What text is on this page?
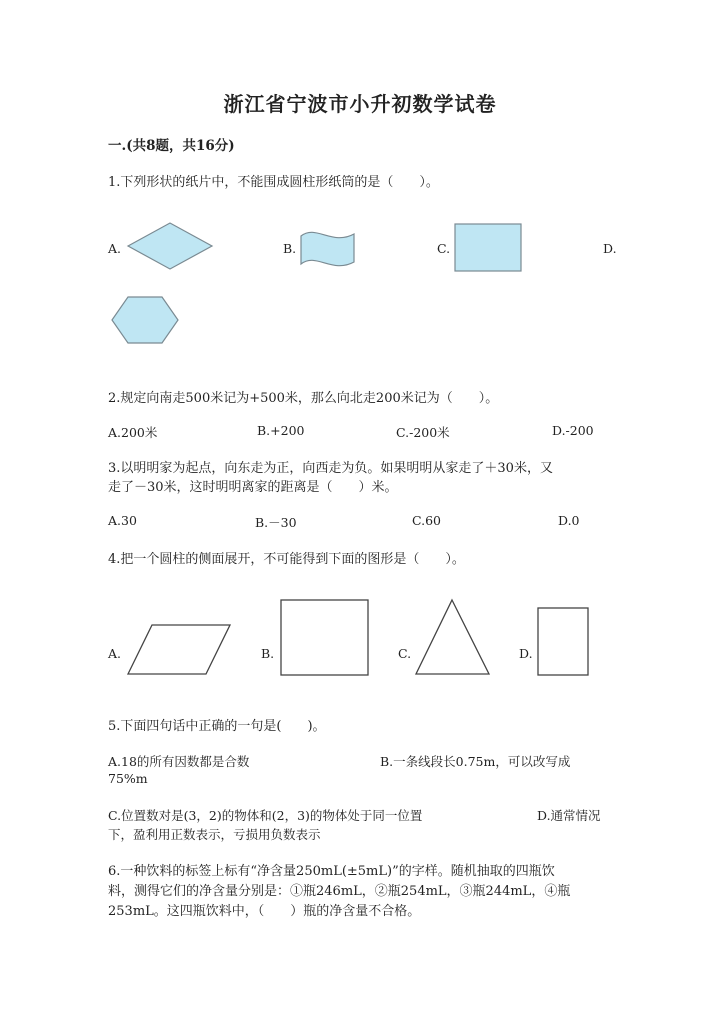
浙江省宁波市小升初数学试卷
一.(共8题，共16分)
1.下列形状的纸片中，不能围成圆柱形纸筒的是（　　）。
A.	B.	C.	D.
2.规定向南走500米记为+500米，那么向北走200米记为（　　）。
A.200米	B.+200	C.-200米	D.-200
3.以明明家为起点，向东走为正，向西走为负。如果明明从家走了＋30米，又
走了－30米，这时明明离家的距离是（　　）米。
A.30	B.－30	C.60	D.0
4.把一个圆柱的侧面展开，不可能得到下面的图形是（　　）。
A.	B.	C.	D.
5.下面四句话中正确的一句是(　　)。
A.18的所有因数都是合数	B.一条线段长0.75m，可以改写成
75%m
C.位置数对是(3，2)的物体和(2，3)的物体处于同一位置	D.通常情况
下，盈利用正数表示，亏损用负数表示
6.一种饮料的标签上标有“净含量250mL(±5mL)”的字样。随机抽取的四瓶饮
料，测得它们的净含量分别是：①瓶246mL，②瓶254mL，③瓶244mL，④瓶
253mL。这四瓶饮料中，（　　）瓶的净含量不合格。
